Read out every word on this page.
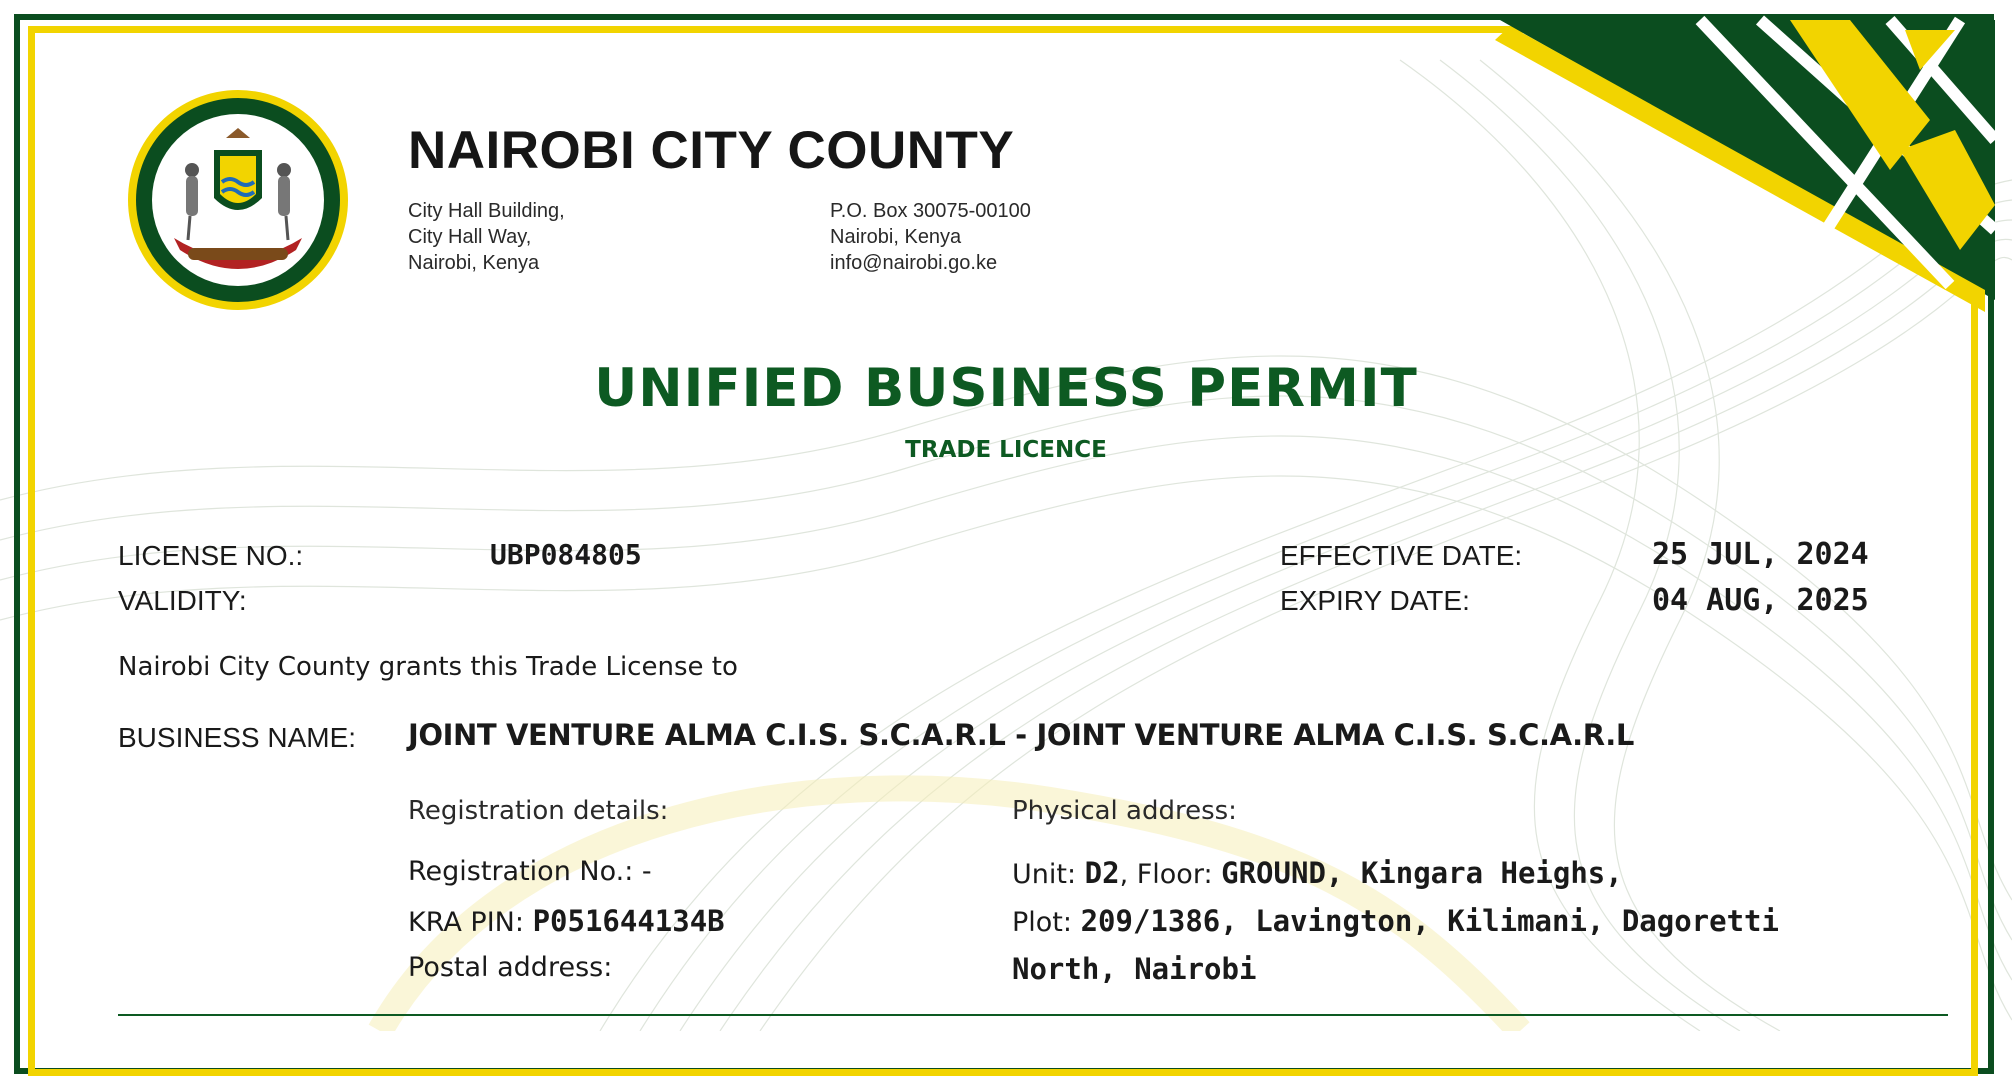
NAIROBI CITY COUNTY
City Hall Building,
City Hall Way,
Nairobi, Kenya
P.O. Box 30075-00100
Nairobi, Kenya
info@nairobi.go.ke
UNIFIED BUSINESS PERMIT
TRADE LICENCE
LICENSE NO.:	UBP084805
VALIDITY:
EFFECTIVE DATE:	25 JUL, 2024
EXPIRY DATE:	04 AUG, 2025
Nairobi City County grants this Trade License to
BUSINESS NAME: JOINT VENTURE ALMA C.I.S. S.C.A.R.L - JOINT VENTURE ALMA C.I.S. S.C.A.R.L
Registration details:	Physical address:
Registration No.: -
KRA PIN: P051644134B
Postal address:
Unit: D2, Floor: GROUND, Kingara Heighs,
Plot: 209/1386, Lavington, Kilimani, Dagoretti
North, Nairobi
